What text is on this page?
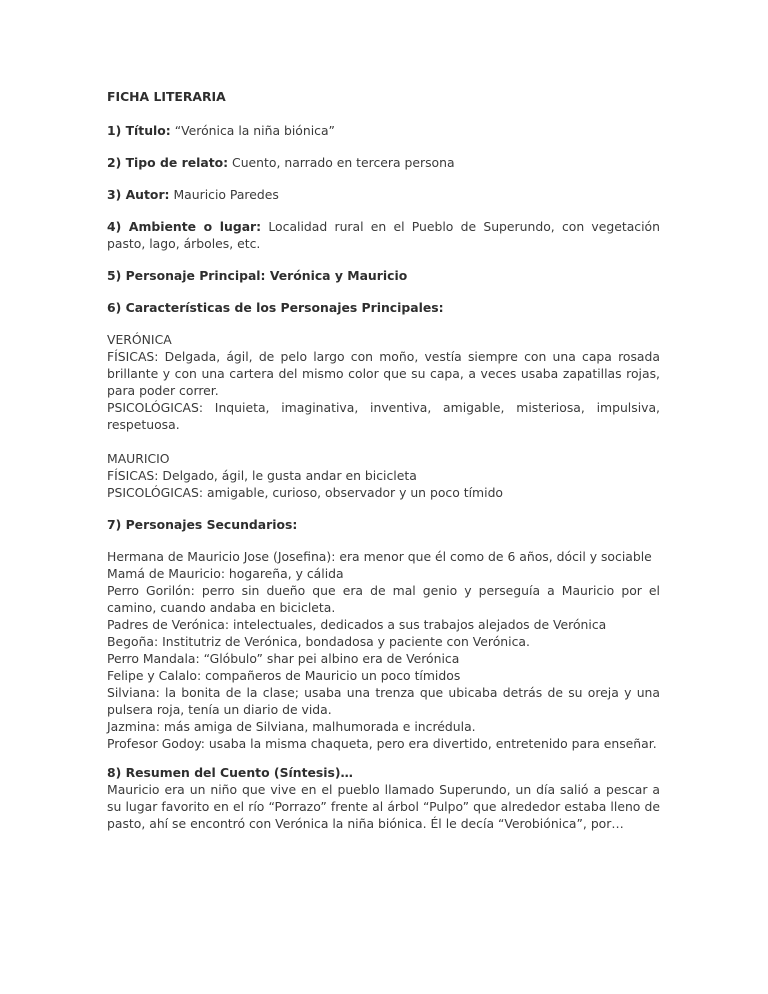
FICHA LITERARIA

1) Título: “Verónica la niña biónica”

2) Tipo de relato: Cuento, narrado en tercera persona

3) Autor: Mauricio Paredes

4) Ambiente o lugar: Localidad rural en el Pueblo de Superundo, con vegetación pasto, lago, árboles, etc.

5) Personaje Principal: Verónica y Mauricio

6) Características de los Personajes Principales:

VERÓNICA

FÍSICAS: Delgada, ágil, de pelo largo con moño, vestía siempre con una capa rosada brillante y con una cartera del mismo color que su capa, a veces usaba zapatillas rojas, para poder correr.

PSICOLÓGICAS: Inquieta, imaginativa, inventiva, amigable, misteriosa, impulsiva, respetuosa.

MAURICIO

FÍSICAS: Delgado, ágil, le gusta andar en bicicleta

PSICOLÓGICAS: amigable, curioso, observador y un poco tímido

7) Personajes Secundarios:

Hermana de Mauricio Jose (Josefina): era menor que él como de 6 años, dócil y sociable

Mamá de Mauricio: hogareña, y cálida

Perro Gorilón: perro sin dueño que era de mal genio y perseguía a Mauricio por el camino, cuando andaba en bicicleta.

Padres de Verónica: intelectuales, dedicados a sus trabajos alejados de Verónica

Begoña: Institutriz de Verónica, bondadosa y paciente con Verónica.

Perro Mandala: “Glóbulo” shar pei albino era de Verónica

Felipe y Calalo: compañeros de Mauricio un poco tímidos

Silviana: la bonita de la clase; usaba una trenza que ubicaba detrás de su oreja y una pulsera roja, tenía un diario de vida.

Jazmina: más amiga de Silviana, malhumorada e incrédula.

Profesor Godoy: usaba la misma chaqueta, pero era divertido, entretenido para enseñar.

8) Resumen del Cuento (Síntesis)…

Mauricio era un niño que vive en el pueblo llamado Superundo, un día salió a pescar a su lugar favorito en el río “Porrazo” frente al árbol “Pulpo” que alrededor estaba lleno de pasto, ahí se encontró con Verónica la niña biónica. Él le decía “Verobiónica”, por…
